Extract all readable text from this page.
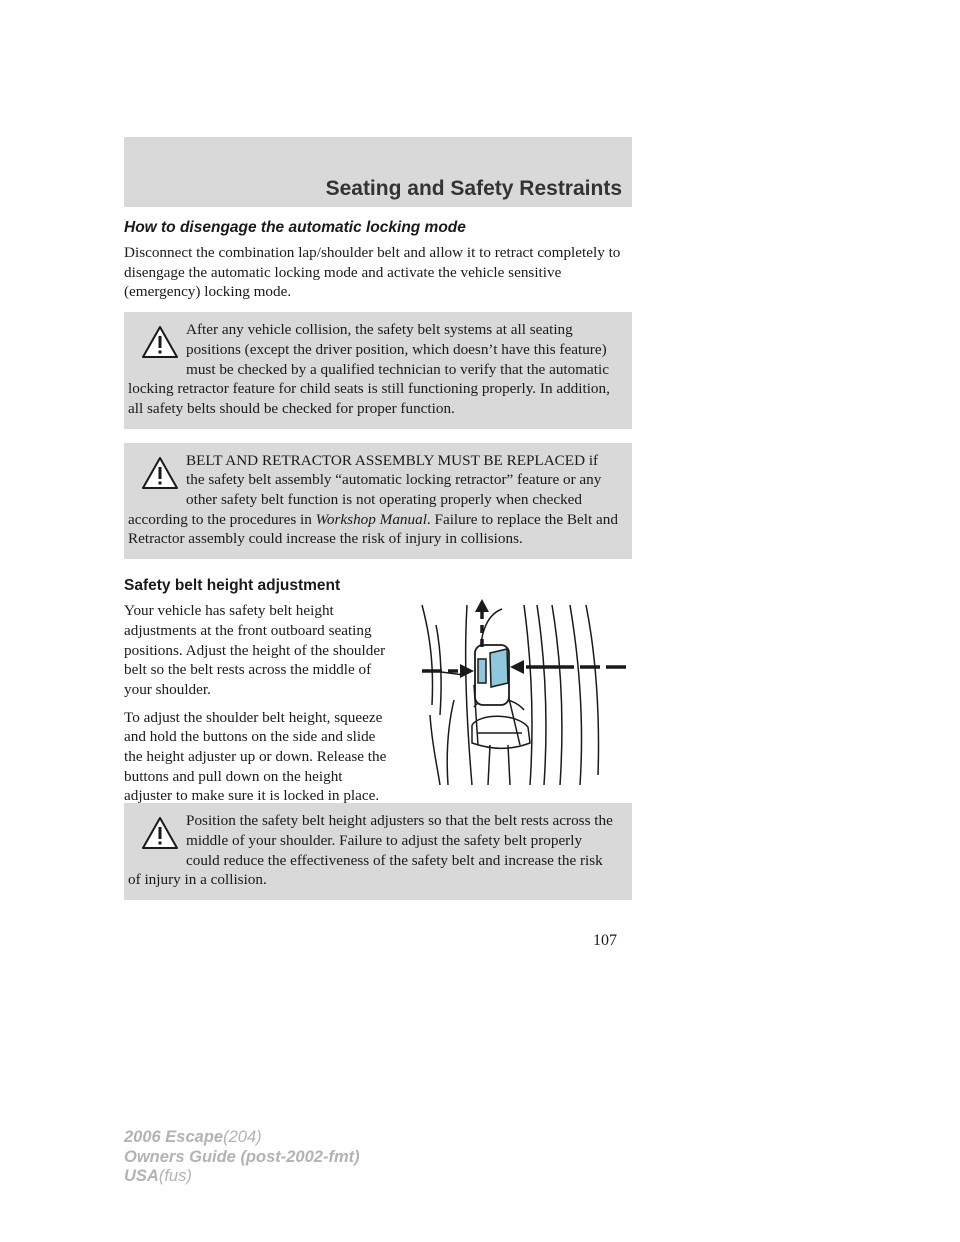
Seating and Safety Restraints
How to disengage the automatic locking mode

Disconnect the combination lap/shoulder belt and allow it to retract completely to disengage the automatic locking mode and activate the vehicle sensitive (emergency) locking mode.

After any vehicle collision, the safety belt systems at all seating positions (except the driver position, which doesn’t have this feature) must be checked by a qualified technician to verify that the automatic locking retractor feature for child seats is still functioning properly. In addition, all safety belts should be checked for proper function.
BELT AND RETRACTOR ASSEMBLY MUST BE REPLACED if the safety belt assembly “automatic locking retractor” feature or any other safety belt function is not operating properly when checked according to the procedures in Workshop Manual. Failure to replace the Belt and Retractor assembly could increase the risk of injury in collisions.
Safety belt height adjustment

Your vehicle has safety belt height adjustments at the front outboard seating positions. Adjust the height of the shoulder belt so the belt rests across the middle of your shoulder.

To adjust the shoulder belt height, squeeze and hold the buttons on the side and slide the height adjuster up or down. Release the buttons and pull down on the height adjuster to make sure it is locked in place.

Position the safety belt height adjusters so that the belt rests across the middle of your shoulder. Failure to adjust the safety belt properly could reduce the effectiveness of the safety belt and increase the risk of injury in a collision.
107
2006 Escape(204)
Owners Guide (post-2002-fmt)
USA(fus)
